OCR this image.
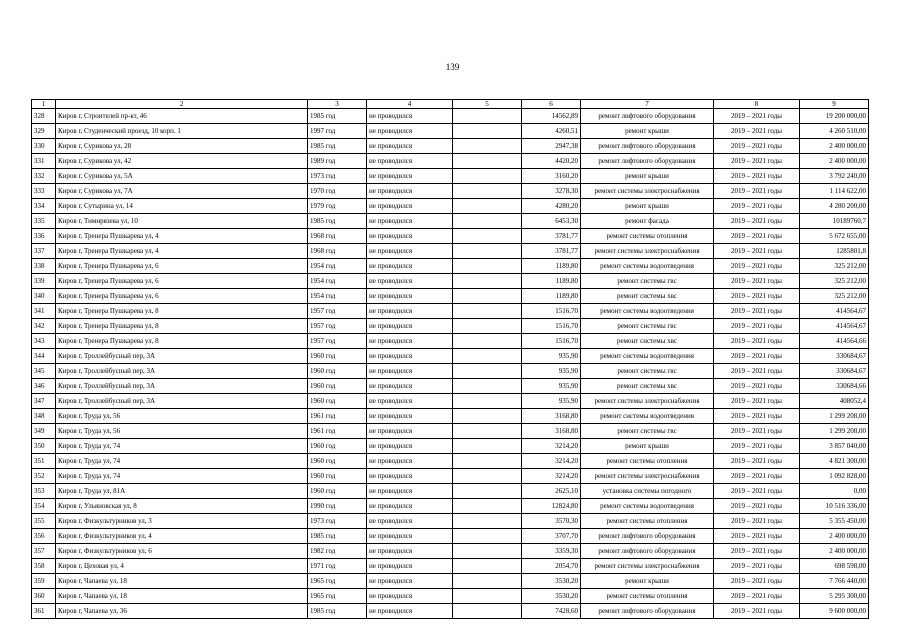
139
1	2	3	4	5	6	7	8	9
328	Киров г, Строителей пр-кт, 46	1985 год	не проводился		14562,89	ремонт лифтового оборудования	2019 – 2021 годы	19 200 000,00
329	Киров г, Студенческий проезд, 10 корп. 1	1997 год	не проводился		4260,51	ремонт крыши	2019 – 2021 годы	4 260 510,00
330	Киров г, Сурикова ул, 28	1985 год	не проводился		2947,38	ремонт лифтового оборудования	2019 – 2021 годы	2 400 000,00
331	Киров г, Сурикова ул, 42	1989 год	не проводился		4420,20	ремонт лифтового оборудования	2019 – 2021 годы	2 400 000,00
332	Киров г, Сурикова ул, 5А	1973 год	не проводился		3160,20	ремонт крыши	2019 – 2021 годы	3 792 240,00
333	Киров г, Сурикова ул, 7А	1970 год	не проводился		3278,30	ремонт системы электроснабжения	2019 – 2021 годы	1 114 622,00
334	Киров г, Сутырина ул, 14	1979 год	не проводился		4280,20	ремонт крыши	2019 – 2021 годы	4 280 200,00
335	Киров г, Тимирязева ул, 10	1985 год	не проводился		6453,30	ремонт фасада	2019 – 2021 годы	10189760,7
336	Киров г, Тренера Пушкарева ул, 4	1968 год	не проводился		3781,77	ремонт системы отопления	2019 – 2021 годы	5 672 655,00
337	Киров г, Тренера Пушкарева ул, 4	1968 год	не проводился		3781,77	ремонт системы электроснабжения	2019 – 2021 годы	1285801,8
338	Киров г, Тренера Пушкарева ул, 6	1954 год	не проводился		1189,80	ремонт системы водоотведения	2019 – 2021 годы	325 212,00
339	Киров г, Тренера Пушкарева ул, 6	1954 год	не проводился		1189,80	ремонт системы гвс	2019 – 2021 годы	325 212,00
340	Киров г, Тренера Пушкарева ул, 6	1954 год	не проводился		1189,80	ремонт системы хвс	2019 – 2021 годы	325 212,00
341	Киров г, Тренера Пушкарева ул, 8	1957 год	не проводился		1516,70	ремонт системы водоотведения	2019 – 2021 годы	414564,67
342	Киров г, Тренера Пушкарева ул, 8	1957 год	не проводился		1516,70	ремонт системы гвс	2019 – 2021 годы	414564,67
343	Киров г, Тренера Пушкарева ул, 8	1957 год	не проводился		1516,70	ремонт системы хвс	2019 – 2021 годы	414564,66
344	Киров г, Троллейбусный пер, 3А	1960 год	не проводился		935,90	ремонт системы водоотведения	2019 – 2021 годы	330684,67
345	Киров г, Троллейбусный пер, 3А	1960 год	не проводился		935,90	ремонт системы гвс	2019 – 2021 годы	330684,67
346	Киров г, Троллейбусный пер, 3А	1960 год	не проводился		935,90	ремонт системы хвс	2019 – 2021 годы	330684,66
347	Киров г, Троллейбусный пер, 3А	1960 год	не проводился		935,90	ремонт системы электроснабжения	2019 – 2021 годы	408052,4
348	Киров г, Труда ул, 56	1961 год	не проводился		3168,80	ремонт системы водоотведения	2019 – 2021 годы	1 299 208,00
349	Киров г, Труда ул, 56	1961 год	не проводился		3168,80	ремонт системы гвс	2019 – 2021 годы	1 299 208,00
350	Киров г, Труда ул, 74	1960 год	не проводился		3214,20	ремонт крыши	2019 – 2021 годы	3 857 040,00
351	Киров г, Труда ул, 74	1960 год	не проводился		3214,20	ремонт системы отопления	2019 – 2021 годы	4 821 300,00
352	Киров г, Труда ул, 74	1960 год	не проводился		3214,20	ремонт системы электроснабжения	2019 – 2021 годы	1 092 828,00
353	Киров г, Труда ул, 81А	1960 год	не проводился		2625,10	установка системы погодного	2019 – 2021 годы	0,00
354	Киров г, Ульяновская ул, 8	1990 год	не проводился		12824,80	ремонт системы водоотведения	2019 – 2021 годы	10 516 336,00
355	Киров г, Физкультурников ул, 3	1973 год	не проводился		3570,30	ремонт системы отопления	2019 – 2021 годы	5 355 450,00
356	Киров г, Физкультурников ул, 4	1985 год	не проводился		3707,70	ремонт лифтового оборудования	2019 – 2021 годы	2 400 000,00
357	Киров г, Физкультурников ул, 6	1982 год	не проводился		3359,30	ремонт лифтового оборудования	2019 – 2021 годы	2 400 000,00
358	Киров г, Цеховая ул, 4	1971 год	не проводился		2054,70	ремонт системы электроснабжения	2019 – 2021 годы	698 598,00
359	Киров г, Чапаева ул, 18	1965 год	не проводился		3530,20	ремонт крыши	2019 – 2021 годы	7 766 440,00
360	Киров г, Чапаева ул, 18	1965 год	не проводился		3530,20	ремонт системы отопления	2019 – 2021 годы	5 295 300,00
361	Киров г, Чапаева ул, 36	1985 год	не проводился		7428,60	ремонт лифтового оборудования	2019 – 2021 годы	9 600 000,00
